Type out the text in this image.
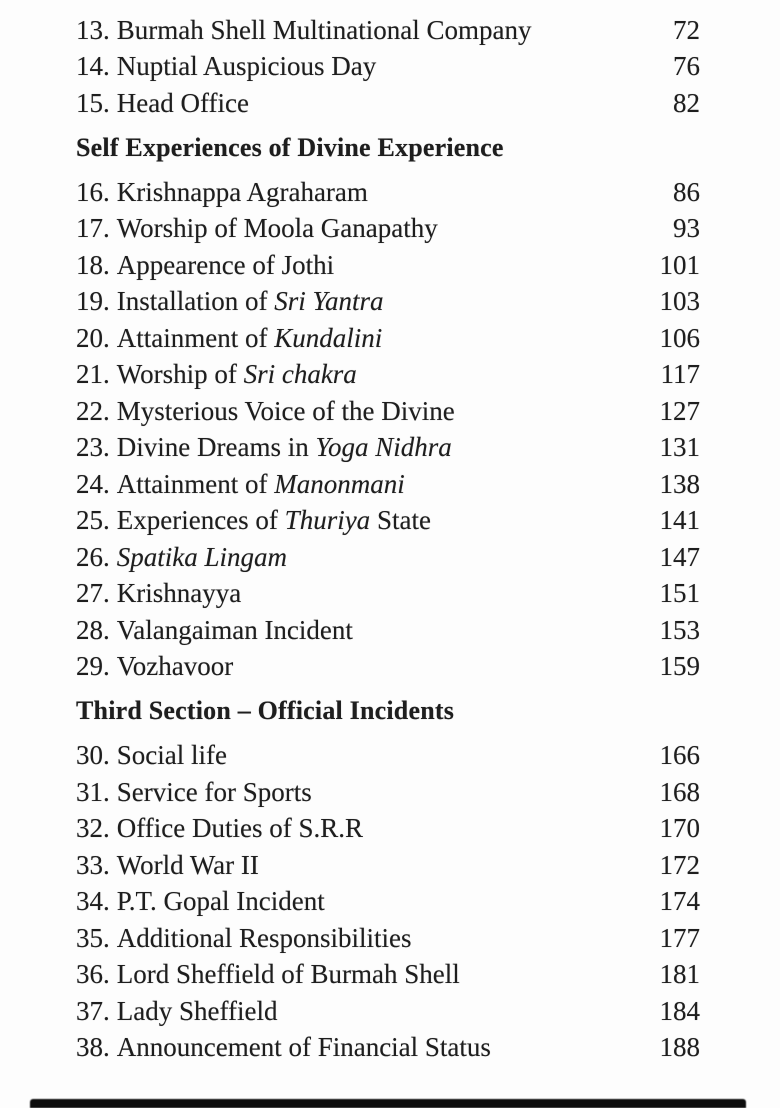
13. Burmah Shell Multinational Company	72
14. Nuptial Auspicious Day	76
15. Head Office	82
Self Experiences of Divine Experience
16. Krishnappa Agraharam	86
17. Worship of Moola Ganapathy	93
18. Appearence of Jothi	101
19. Installation of Sri Yantra	103
20. Attainment of Kundalini	106
21. Worship of Sri chakra	117
22. Mysterious Voice of the Divine	127
23. Divine Dreams in Yoga Nidhra	131
24. Attainment of Manonmani	138
25. Experiences of Thuriya State	141
26. Spatika Lingam	147
27. Krishnayya	151
28. Valangaiman Incident	153
29. Vozhavoor	159
Third Section – Official Incidents
30. Social life	166
31. Service for Sports	168
32. Office Duties of S.R.R	170
33. World War II	172
34. P.T. Gopal Incident	174
35. Additional Responsibilities	177
36. Lord Sheffield of Burmah Shell	181
37. Lady Sheffield	184
38. Announcement of Financial Status	188
